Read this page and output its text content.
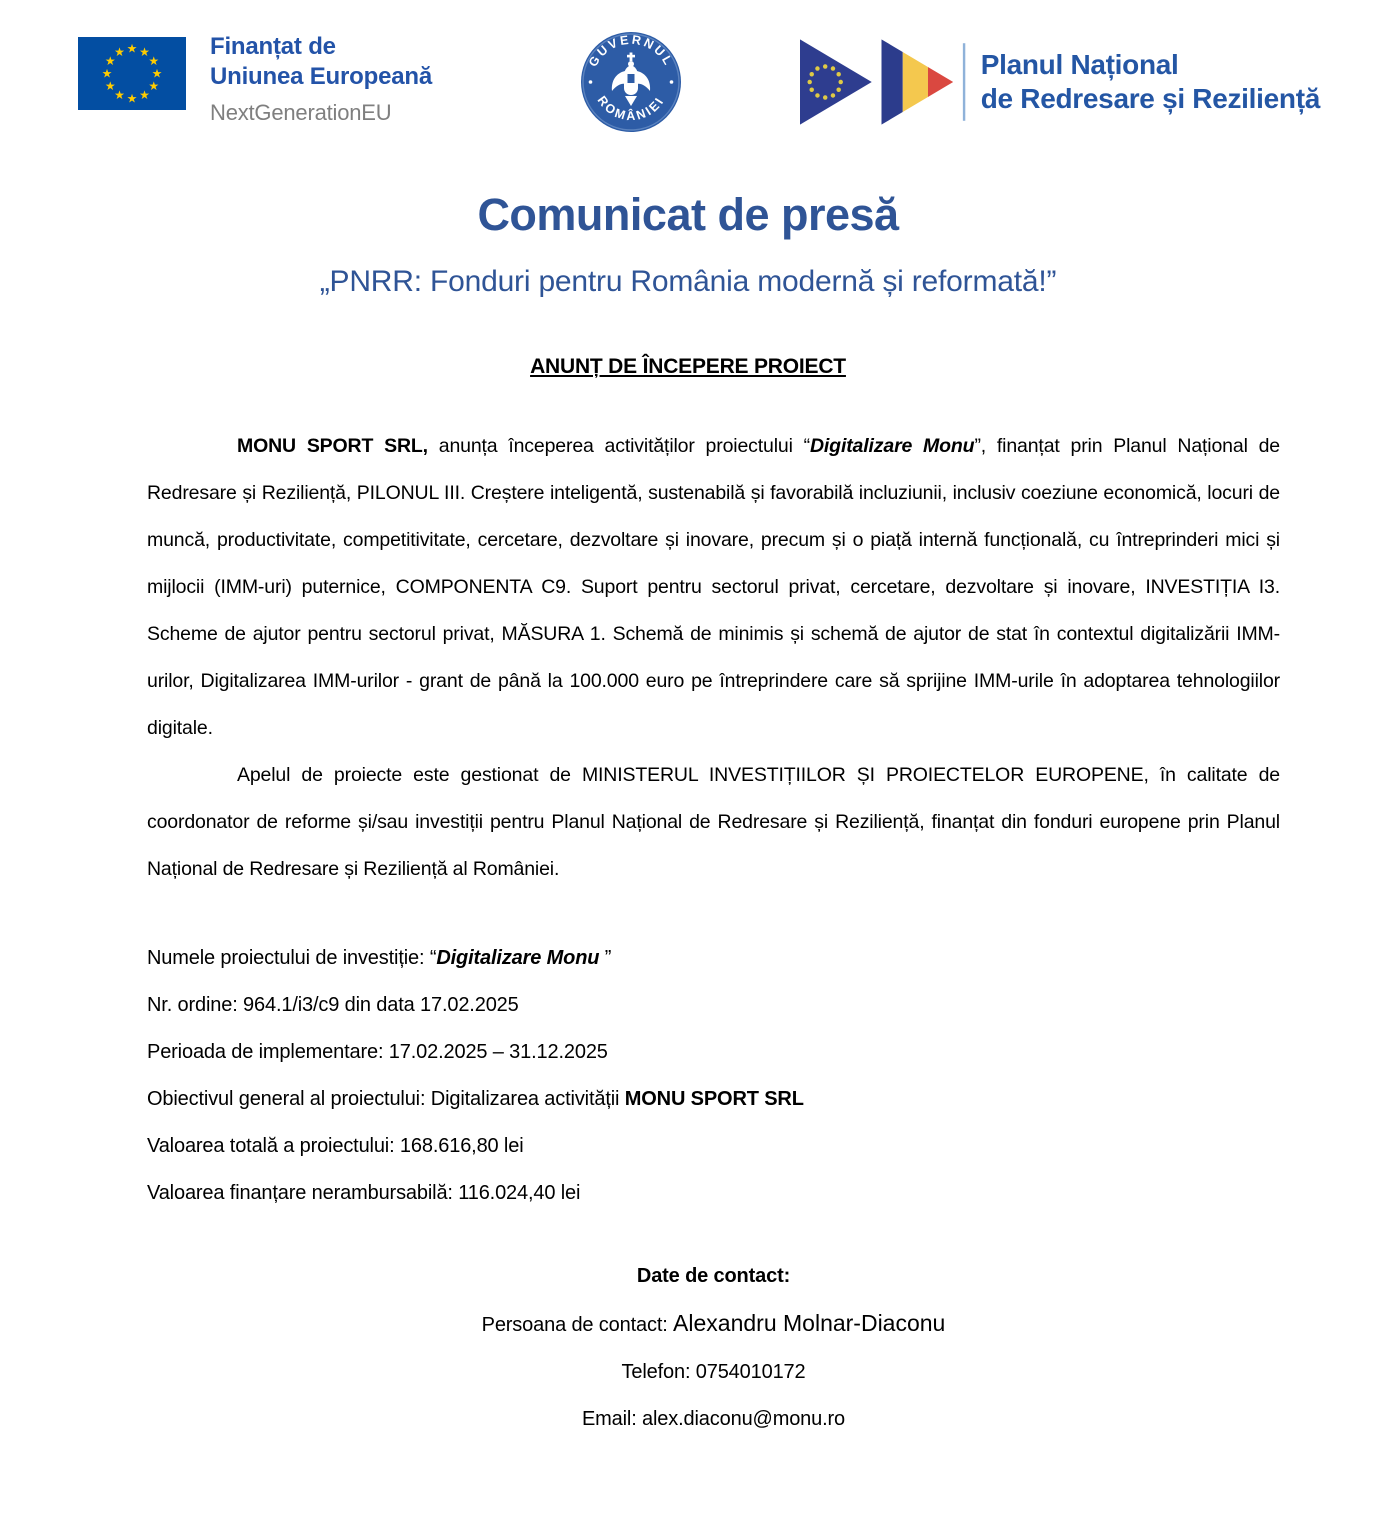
★ ★
★
★
★
★
★
★
★
★
★
★	Finanțat de
Uniunea Europeană
NextGenerationEU
GUVERNUL
ROMÂNIEI
Planul Național
de Redresare și Reziliență
Comunicat de presă
„PNRR: Fonduri pentru România modernă și reformată!”
ANUNȚ DE ÎNCEPERE PROIECT

MONU SPORT SRL, anunța începerea activităților proiectului “Digitalizare Monu”, finanțat prin Planul Național de Redresare și Reziliență, PILONUL III. Creștere inteligentă, sustenabilă și favorabilă incluziunii, inclusiv coeziune economică, locuri de muncă, productivitate, competitivitate, cercetare, dezvoltare și inovare, precum și o piață internă funcțională, cu întreprinderi mici și mijlocii (IMM-uri) puternice, COMPONENTA C9. Suport pentru sectorul privat, cercetare, dezvoltare și inovare, INVESTIȚIA I3. Scheme de ajutor pentru sectorul privat, MĂSURA 1. Schemă de minimis și schemă de ajutor de stat în contextul digitalizării IMM-urilor, Digitalizarea IMM-urilor - grant de până la 100.000 euro pe întreprindere care să sprijine IMM-urile în adoptarea tehnologiilor digitale.

Apelul de proiecte este gestionat de MINISTERUL INVESTIȚIILOR ȘI PROIECTELOR EUROPENE, în calitate de coordonator de reforme și/sau investiții pentru Planul Național de Redresare și Reziliență, finanțat din fonduri europene prin Planul Național de Redresare și Reziliență al României.

Numele proiectului de investiție: “Digitalizare Monu ”
Nr. ordine: 964.1/i3/c9 din data 17.02.2025
Perioada de implementare: 17.02.2025 – 31.12.2025
Obiectivul general al proiectului: Digitalizarea activității MONU SPORT SRL
Valoarea totală a proiectului: 168.616,80 lei
Valoarea finanțare nerambursabilă: 116.024,40 lei
Date de contact:
Persoana de contact: Alexandru Molnar-Diaconu
Telefon: 0754010172
Email: alex.diaconu@monu.ro
